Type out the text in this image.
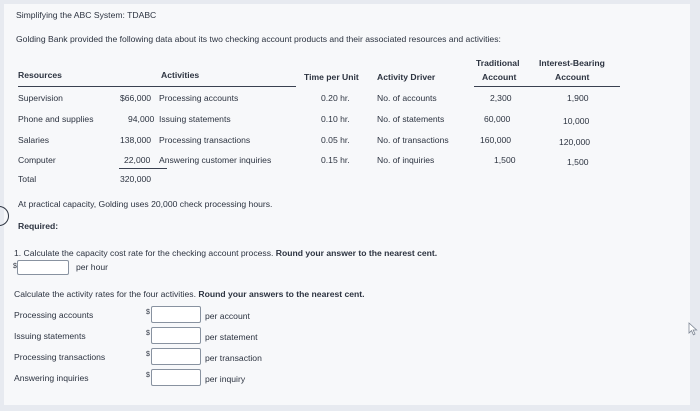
Simplifying the ABC System: TDABC
Golding Bank provided the following data about its two checking account products and their associated resources and activities:
Traditional Interest-Bearing
Resources	Activities	Time per Unit Activity Driver	Account	Account
Supervision	$66,000 Processing accounts	0.20 hr.	No. of accounts	2,300	1,900
Phone and supplies	94,000 Issuing statements	0.10 hr.	No. of statements	60,000	10,000
Salaries	138,000 Processing transactions	0.05 hr.	No. of transactions	160,000	120,000
Computer	22,000 Answering customer inquiries	0.15 hr.	No. of inquiries	1,500	1,500
Total	320,000
At practical capacity, Golding uses 20,000 check processing hours.
Required:
1. Calculate the capacity cost rate for the checking account process. Round your answer to the nearest cent.
$	per hour
Calculate the activity rates for the four activities. Round your answers to the nearest cent.
Processing accounts	$	per account
Issuing statements	$	per statement
Processing transactions	$	per transaction
Answering inquiries	$	per inquiry
